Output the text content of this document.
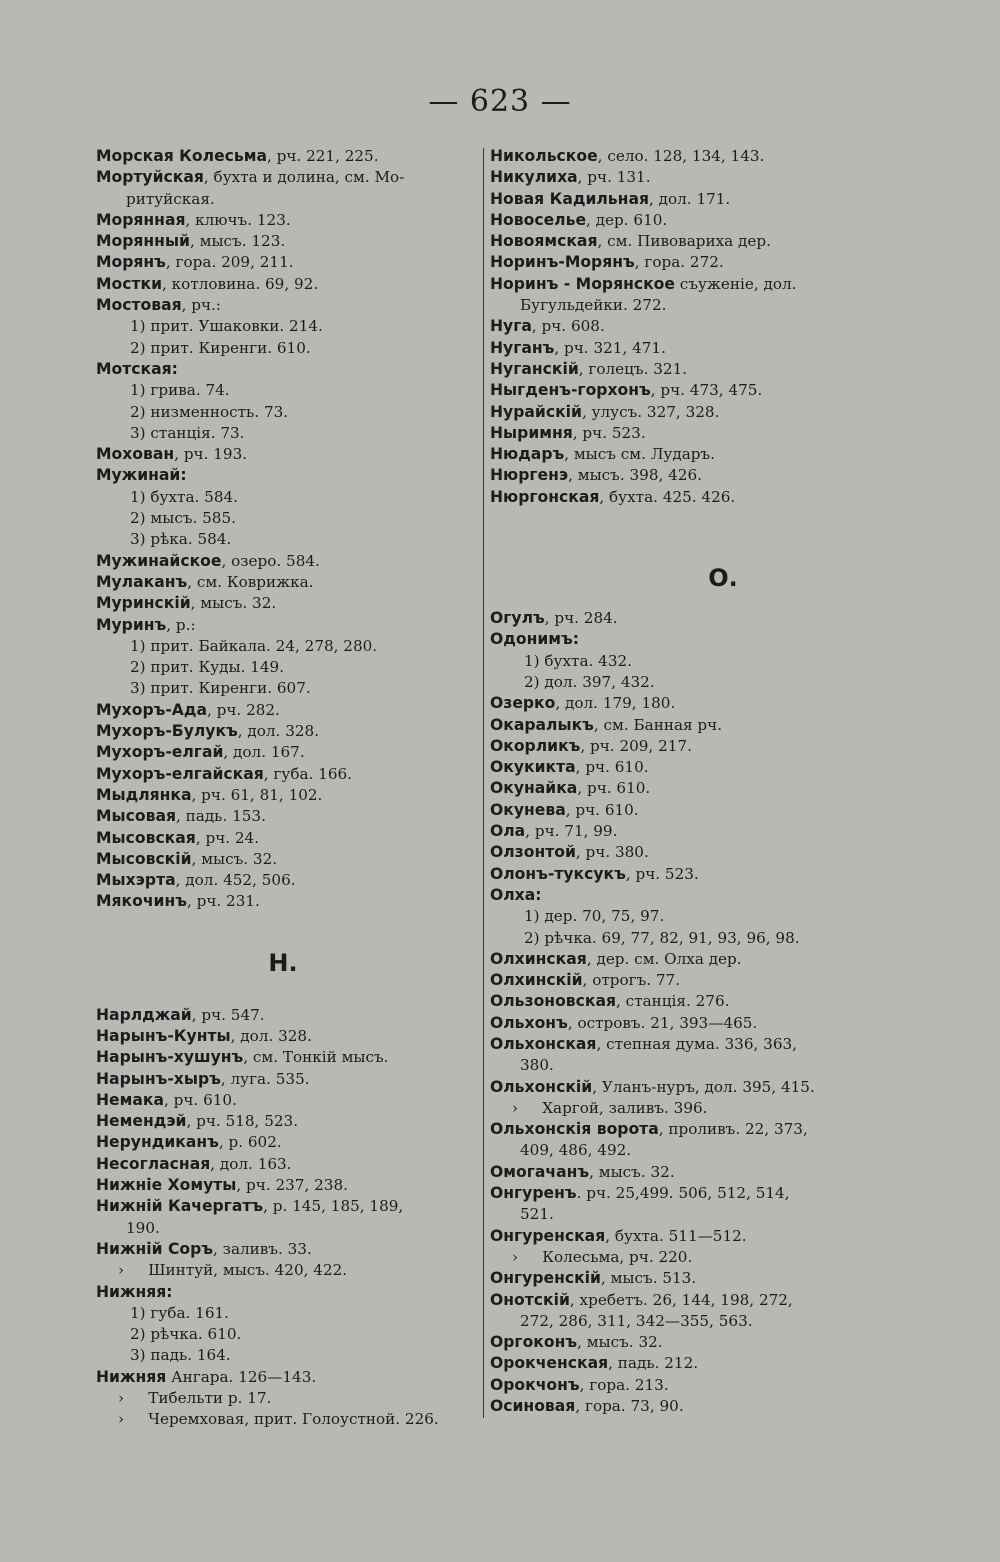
— 623 —
Морская Колесьма, рч. 221, 225.
Мортуйская, бухта и долина, см. Мо-
ритуйская.
Морянная, ключъ. 123.
Морянный, мысъ. 123.
Морянъ, гора. 209, 211.
Мостки, котловина. 69, 92.
Мостовая, рч.:
1) прит. Ушаковки. 214.
2) прит. Киренги. 610.
Мотская:
1) грива. 74.
2) низменность. 73.
3) станція. 73.
Мохован, рч. 193.
Мужинай:
1) бухта. 584.
2) мысъ. 585.
3) рѣка. 584.
Мужинайское, озеро. 584.
Мулаканъ, см. Коврижка.
Муринскій, мысъ. 32.
Муринъ, р.:
1) прит. Байкала. 24, 278, 280.
2) прит. Куды. 149.
3) прит. Киренги. 607.
Мухоръ-Ада, рч. 282.
Мухоръ-Булукъ, дол. 328.
Мухоръ-елгай, дол. 167.
Мухоръ-елгайская, губа. 166.
Мыдлянка, рч. 61, 81, 102.
Мысовая, падь. 153.
Мысовская, рч. 24.
Мысовскій, мысъ. 32.
Мыхэрта, дол. 452, 506.
Мякочинъ, рч. 231.
Н.
Нарлджай, рч. 547.
Нарынъ-Кунты, дол. 328.
Нарынъ-хушунъ, см. Тонкій мысъ.
Нарынъ-хыръ, луга. 535.
Немака, рч. 610.
Немендэй, рч. 518, 523.
Нерундиканъ, р. 602.
Несогласная, дол. 163.
Нижніе Хомуты, рч. 237, 238.
Нижній Качергатъ, р. 145, 185, 189,
190.
Нижній Соръ, заливъ. 33.
› Шинтуй, мысъ. 420, 422.
Нижняя:
1) губа. 161.
2) рѣчка. 610.
3) падь. 164.
Нижняя Ангара. 126—143.
› Тибельти р. 17.
› Черемховая, прит. Голоустной. 226.
Никольское, село. 128, 134, 143.
Никулиха, рч. 131.
Новая Кадильная, дол. 171.
Новоселье, дер. 610.
Новоямская, см. Пивовариха дер.
Норинъ-Морянъ, гора. 272.
Норинъ - Морянское съуженіе, дол.
Бугульдейки. 272.
Нуга, рч. 608.
Нуганъ, рч. 321, 471.
Нуганскій, голецъ. 321.
Ныгденъ-горхонъ, рч. 473, 475.
Нурайскій, улусъ. 327, 328.
Ныримня, рч. 523.
Нюдаръ, мысъ см. Лударъ.
Нюргенэ, мысъ. 398, 426.
Нюргонская, бухта. 425. 426.
О.
Огулъ, рч. 284.
Одонимъ:
1) бухта. 432.
2) дол. 397, 432.
Озерко, дол. 179, 180.
Окаралыкъ, см. Банная рч.
Окорликъ, рч. 209, 217.
Окукикта, рч. 610.
Окунайка, рч. 610.
Окунева, рч. 610.
Ола, рч. 71, 99.
Олзонтой, рч. 380.
Олонъ-туксукъ, рч. 523.
Олха:
1) дер. 70, 75, 97.
2) рѣчка. 69, 77, 82, 91, 93, 96, 98.
Олхинская, дер. см. Олха дер.
Олхинскій, отрогъ. 77.
Ользоновская, станція. 276.
Ольхонъ, островъ. 21, 393—465.
Ольхонская, степная дума. 336, 363,
380.
Ольхонскій, Уланъ-нуръ, дол. 395, 415.
› Харгой, заливъ. 396.
Ольхонскія ворота, проливъ. 22, 373,
409, 486, 492.
Омогачанъ, мысъ. 32.
Онгуренъ. рч. 25,499. 506, 512, 514,
521.
Онгуренская, бухта. 511—512.
› Колесьма, рч. 220.
Онгуренскій, мысъ. 513.
Онотскій, хребетъ. 26, 144, 198, 272,
272, 286, 311, 342—355, 563.
Оргоконъ, мысъ. 32.
Орокченская, падь. 212.
Орокчонъ, гора. 213.
Осиновая, гора. 73, 90.
